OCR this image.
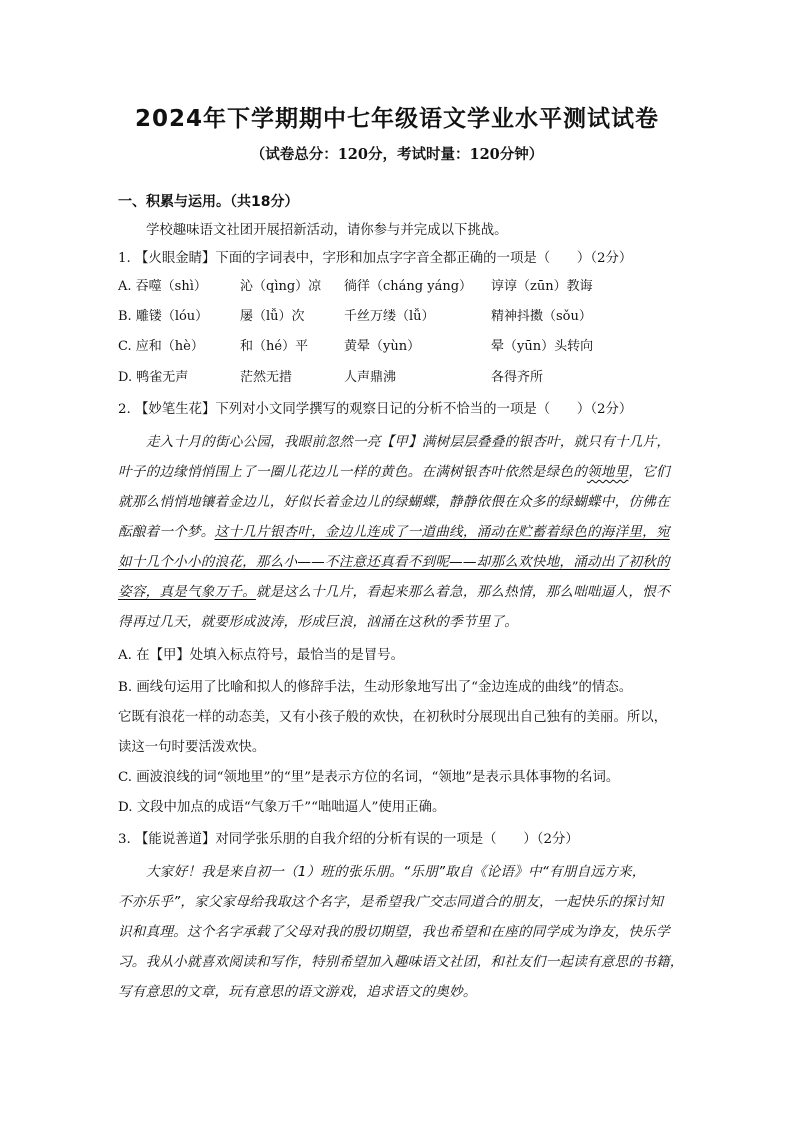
2024年下学期期中七年级语文学业水平测试试卷
（试卷总分：120分，考试时量：120分钟）
一、积累与运用。（共18分）
学校趣味语文社团开展招新活动，请你参与并完成以下挑战。
1. 【火眼金睛】下面的字词表中，字形和加点字字音全都正确的一项是（　　）（2分）
A. 吞噬（shì）	沁（qìng）凉 徜徉（cháng yáng） 谆谆（zūn）教诲
B. 雕镂（lóu） 屡（lǚ）次	千丝万缕（lǚ）	精神抖擞（sǒu）
C. 应和（hè）	和（hé）平	黄晕（yùn）	晕（yūn）头转向
D. 鸭雀无声	茫然无措	人声鼎沸	各得齐所
2. 【妙笔生花】下列对小文同学撰写的观察日记的分析不恰当的一项是（　　）（2分）
走入十月的街心公园，我眼前忽然一亮【甲】满树层层叠叠的银杏叶，就只有十几片，
叶子的边缘悄悄围上了一圈儿花边儿一样的黄色。在满树银杏叶依然是绿色的领地里，它们
就那么悄悄地镶着金边儿，好似长着金边儿的绿蝴蝶，静静依偎在众多的绿蝴蝶中，仿佛在
酝酿着一个梦。这十几片银杏叶，金边儿连成了一道曲线，涌动在贮蓄着绿色的海洋里，宛
如十几个小小的浪花，那么小——不注意还真看不到呢——却那么欢快地，涌动出了初秋的
姿容，真是气象万千。就是这么十几片，看起来那么着急，那么热情，那么咄咄逼人，恨不
得再过几天，就要形成波涛，形成巨浪，汹涌在这秋的季节里了。
A. 在【甲】处填入标点符号，最恰当的是冒号。
B. 画线句运用了比喻和拟人的修辞手法，生动形象地写出了“金边连成的曲线”的情态。
它既有浪花一样的动态美，又有小孩子般的欢快，在初秋时分展现出自己独有的美丽。所以，
读这一句时要活泼欢快。
C. 画波浪线的词“领地里”的“里”是表示方位的名词，“领地”是表示具体事物的名词。
D. 文段中加点的成语“气象万千”“咄咄逼人”使用正确。
3. 【能说善道】对同学张乐朋的自我介绍的分析有误的一项是（　　）（2分）
大家好！我是来自初一（1）班的张乐朋。“乐朋”取自《论语》中“有朋自远方来，
不亦乐乎”，家父家母给我取这个名字，是希望我广交志同道合的朋友，一起快乐的探讨知
识和真理。这个名字承载了父母对我的殷切期望，我也希望和在座的同学成为诤友，快乐学
习。我从小就喜欢阅读和写作，特别希望加入趣味语文社团，和社友们一起读有意思的书籍，
写有意思的文章，玩有意思的语文游戏，追求语文的奥妙。
